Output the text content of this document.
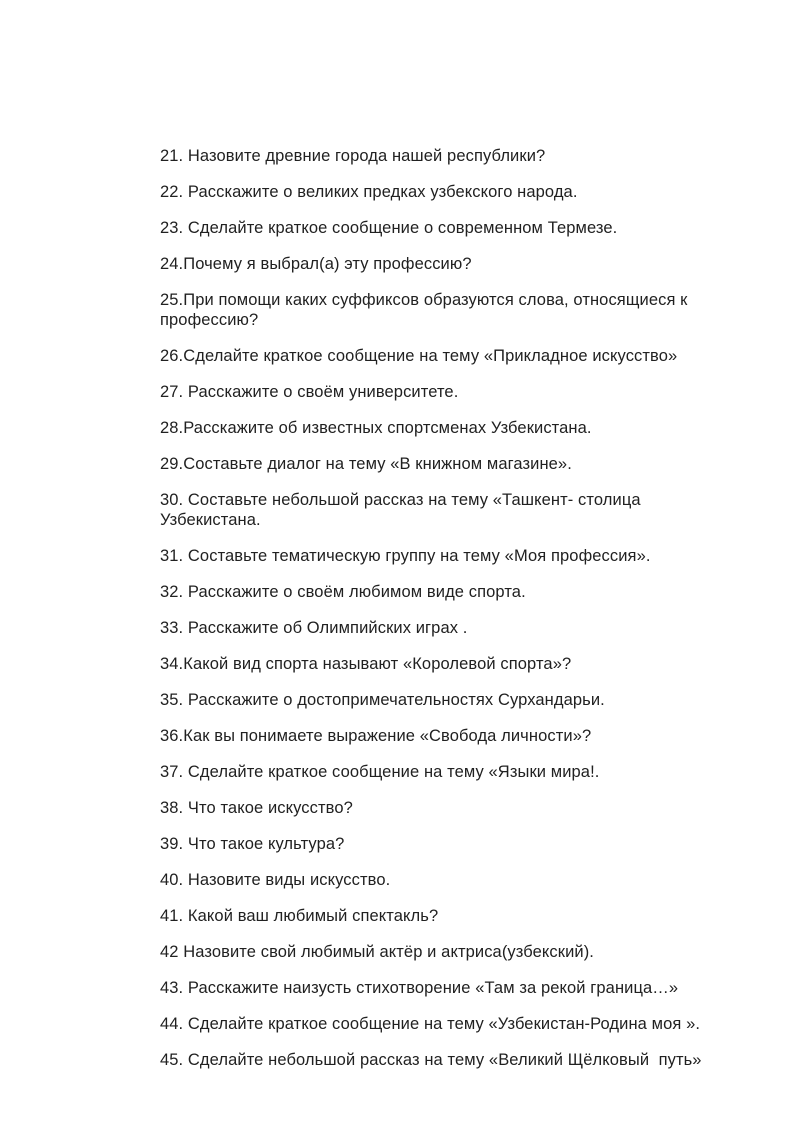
21. Назовите древние города нашей республики?

22. Расскажите о великих предках узбекского народа.

23. Сделайте краткое сообщение о современном Термезе.

24.Почему я выбрал(а) эту профессию?

25.При помощи каких суффиксов образуются слова, относящиеся к профессию?

26.Сделайте краткое сообщение на тему «Прикладное искусство»

27. Расскажите о своём университете.

28.Расскажите об известных спортсменах Узбекистана.

29.Составьте диалог на тему «В книжном магазине».

30. Составьте небольшой рассказ на тему «Ташкент- столица Узбекистана.

31. Составьте тематическую группу на тему «Моя профессия».

32. Расскажите о своём любимом виде спорта.

33. Расскажите об Олимпийских играх .

34.Какой вид спорта называют «Королевой спорта»?

35. Расскажите о достопримечательностях Сурхандарьи.

36.Как вы понимаете выражение «Свобода личности»?

37. Сделайте краткое сообщение на тему «Языки мира!.

38. Что такое искусство?

39. Что такое культура?

40. Назовите виды искусство.

41. Какой ваш любимый спектакль?

42 Назовите свой любимый актёр и актриса(узбекский).

43. Расскажите наизусть стихотворение «Там за рекой граница…»

44. Сделайте краткое сообщение на тему «Узбекистан-Родина моя ».

45. Сделайте небольшой рассказ на тему «Великий Щёлковый  путь»
